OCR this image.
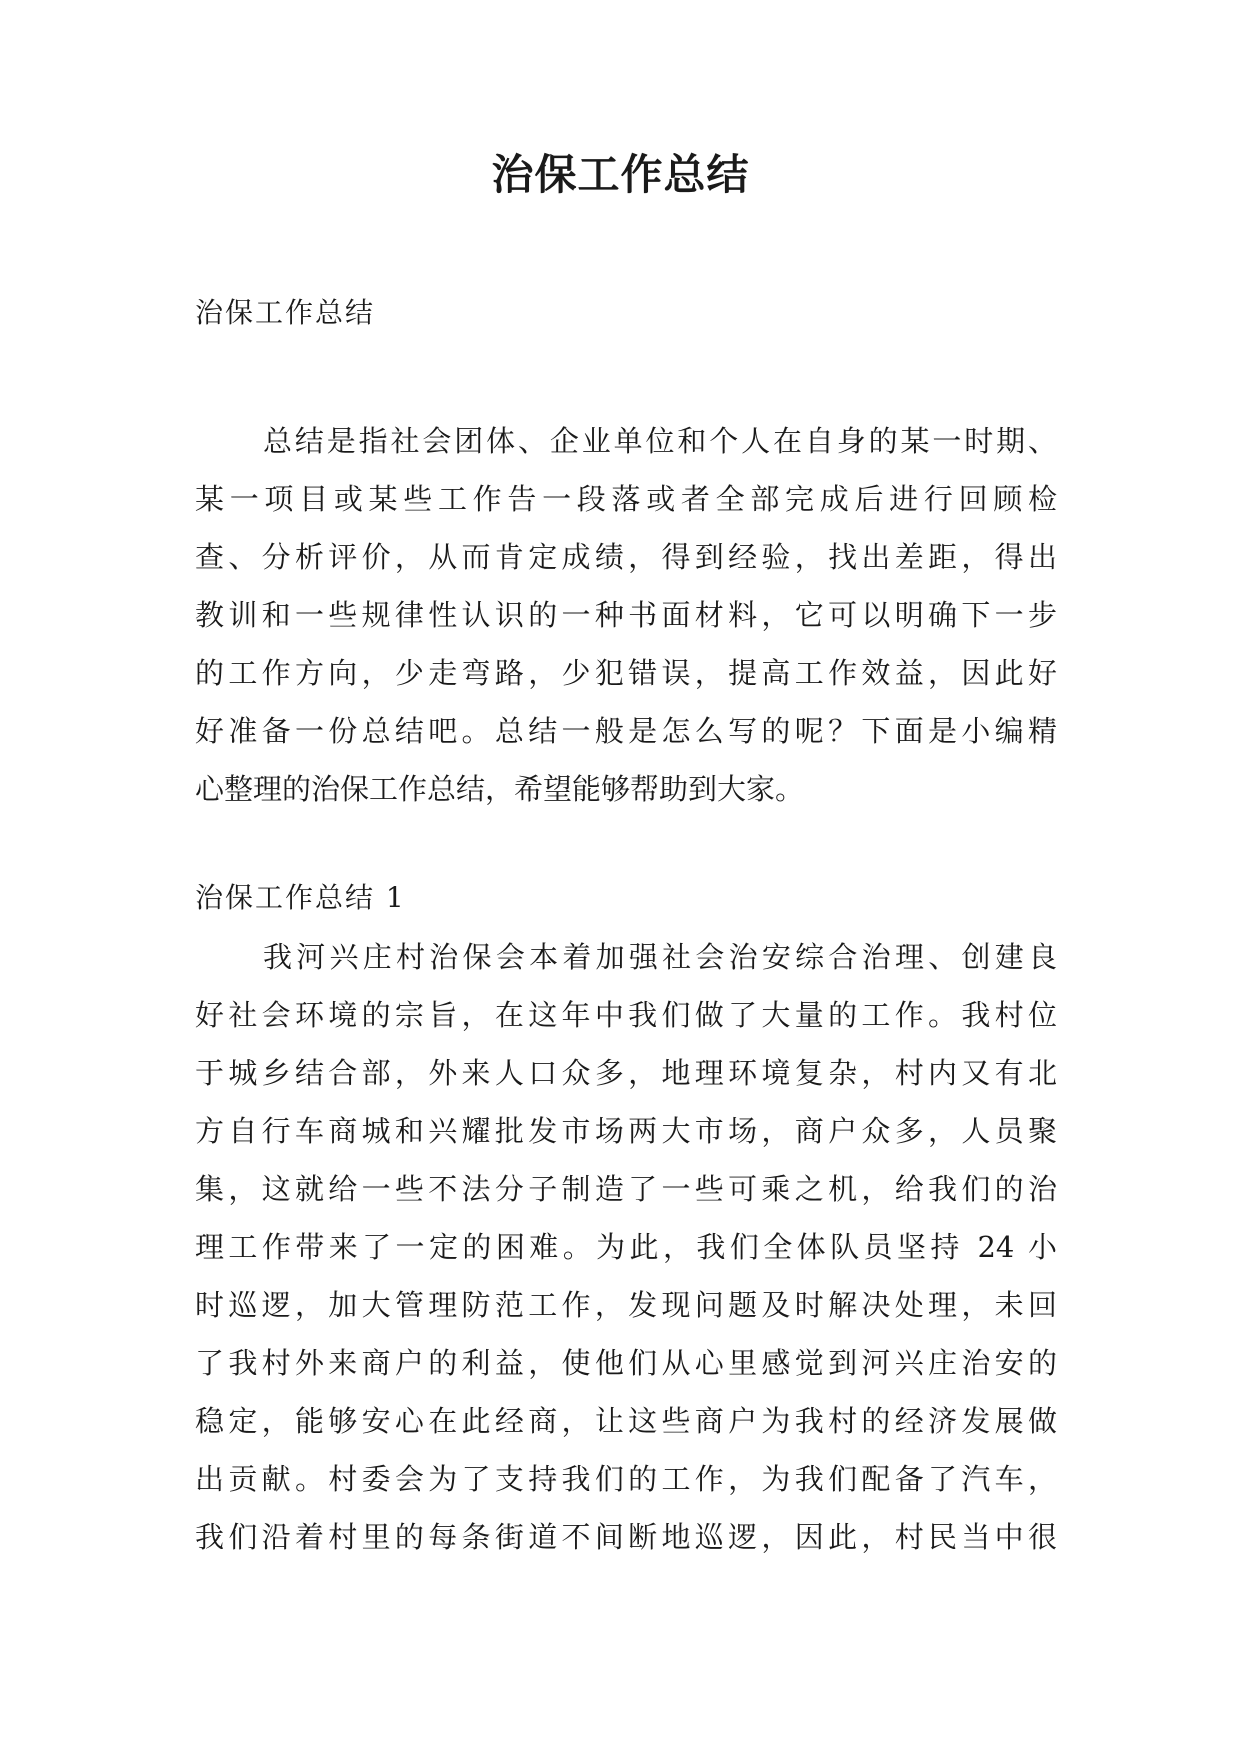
治保工作总结

治保工作总结

总结是指社会团体、企业单位和个人在自身的某一时期、
某一项目或某些工作告一段落或者全部完成后进行回顾检
查、分析评价，从而肯定成绩，得到经验，找出差距，得出
教训和一些规律性认识的一种书面材料，它可以明确下一步
的工作方向，少走弯路，少犯错误，提高工作效益，因此好
好准备一份总结吧。总结一般是怎么写的呢？下面是小编精
心整理的治保工作总结，希望能够帮助到大家。

治保工作总结 1

我河兴庄村治保会本着加强社会治安综合治理、创建良
好社会环境的宗旨，在这年中我们做了大量的工作。我村位
于城乡结合部，外来人口众多，地理环境复杂，村内又有北
方自行车商城和兴耀批发市场两大市场，商户众多，人员聚
集，这就给一些不法分子制造了一些可乘之机，给我们的治
理工作带来了一定的困难。为此，我们全体队员坚持 24 小
时巡逻，加大管理防范工作，发现问题及时解决处理，未回
了我村外来商户的利益，使他们从心里感觉到河兴庄治安的
稳定，能够安心在此经商，让这些商户为我村的经济发展做
出贡献。村委会为了支持我们的工作，为我们配备了汽车，
我们沿着村里的每条街道不间断地巡逻，因此，村民当中很
